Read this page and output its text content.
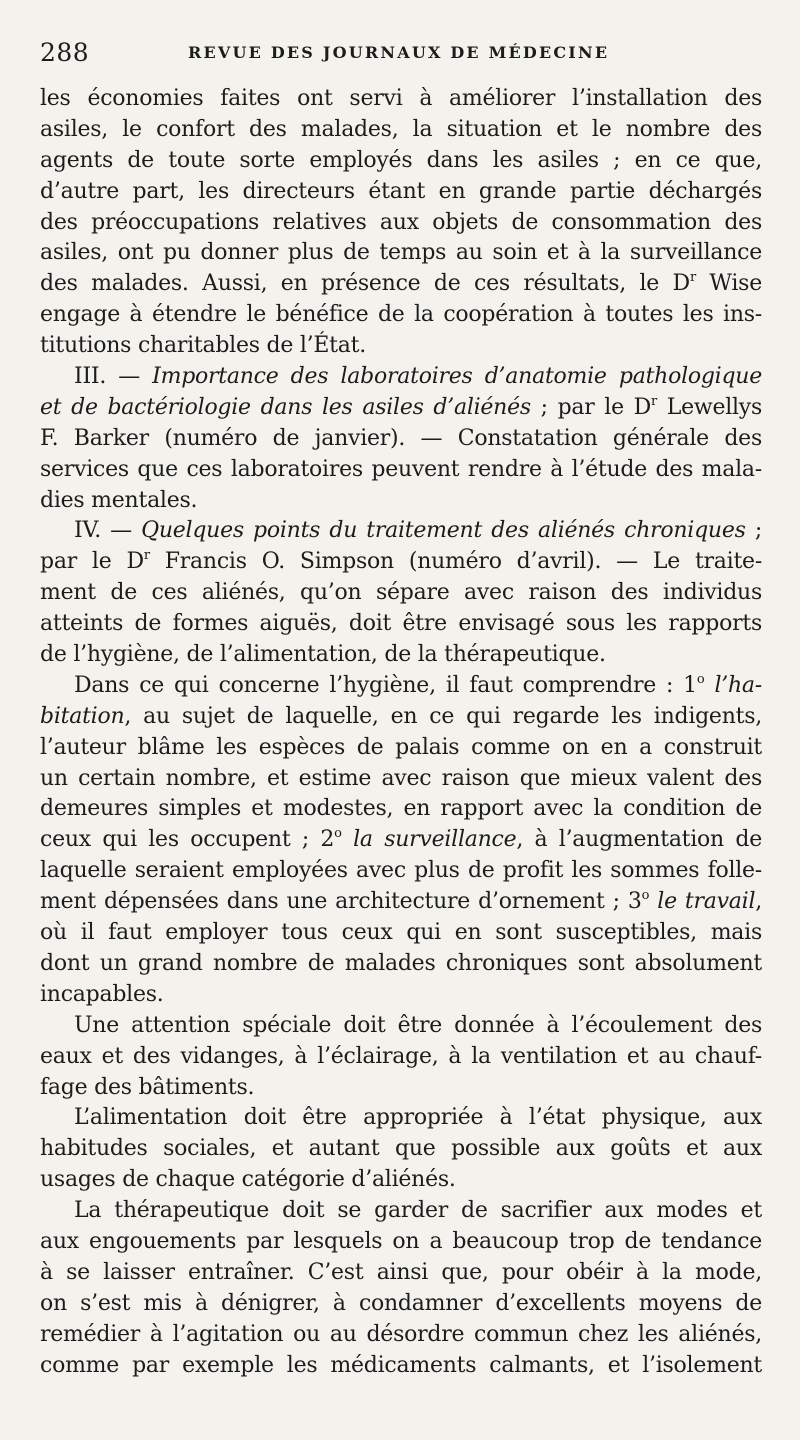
288	REVUE DES JOURNAUX DE MÉDECINE
les économies faites ont servi à améliorer l’installation des
asiles, le confort des malades, la situation et le nombre des
agents de toute sorte employés dans les asiles ; en ce que,
d’autre part, les directeurs étant en grande partie déchargés
des préoccupations relatives aux objets de consommation des
asiles, ont pu donner plus de temps au soin et à la surveillance
des malades. Aussi, en présence de ces résultats, le $D^r$ Wise
engage à étendre le bénéfice de la coopération à toutes les ins-
titutions charitables de l’État.
III. — Importance des laboratoires d’anatomie pathologique
et de bactériologie dans les asiles d’aliénés ; par le $D^r$ Lewellys
F. Barker (numéro de janvier). — Constatation générale des
services que ces laboratoires peuvent rendre à l’étude des mala-
dies mentales.
IV. — Quelques points du traitement des aliénés chroniques ;
par le $D^r$ Francis O. Simpson (numéro d’avril). — Le traite-
ment de ces aliénés, qu’on sépare avec raison des individus
atteints de formes aiguës, doit être envisagé sous les rapports
de l’hygiène, de l’alimentation, de la thérapeutique.
Dans ce qui concerne l’hygiène, il faut comprendre : 1$^o$ l’ha-
bitation, au sujet de laquelle, en ce qui regarde les indigents,
l’auteur blâme les espèces de palais comme on en a construit
un certain nombre, et estime avec raison que mieux valent des
demeures simples et modestes, en rapport avec la condition de
ceux qui les occupent ; 2$^o$ la surveillance, à l’augmentation de
laquelle seraient employées avec plus de profit les sommes folle-
ment dépensées dans une architecture d’ornement ; 3$^o$ le travail,
où il faut employer tous ceux qui en sont susceptibles, mais
dont un grand nombre de malades chroniques sont absolument
incapables.
Une attention spéciale doit être donnée à l’écoulement des
eaux et des vidanges, à l’éclairage, à la ventilation et au chauf-
fage des bâtiments.
L’alimentation doit être appropriée à l’état physique, aux
habitudes sociales, et autant que possible aux goûts et aux
usages de chaque catégorie d’aliénés.
La thérapeutique doit se garder de sacrifier aux modes et
aux engouements par lesquels on a beaucoup trop de tendance
à se laisser entraîner. C’est ainsi que, pour obéir à la mode,
on s’est mis à dénigrer, à condamner d’excellents moyens de
remédier à l’agitation ou au désordre commun chez les aliénés,
comme par exemple les médicaments calmants, et l’isolement
